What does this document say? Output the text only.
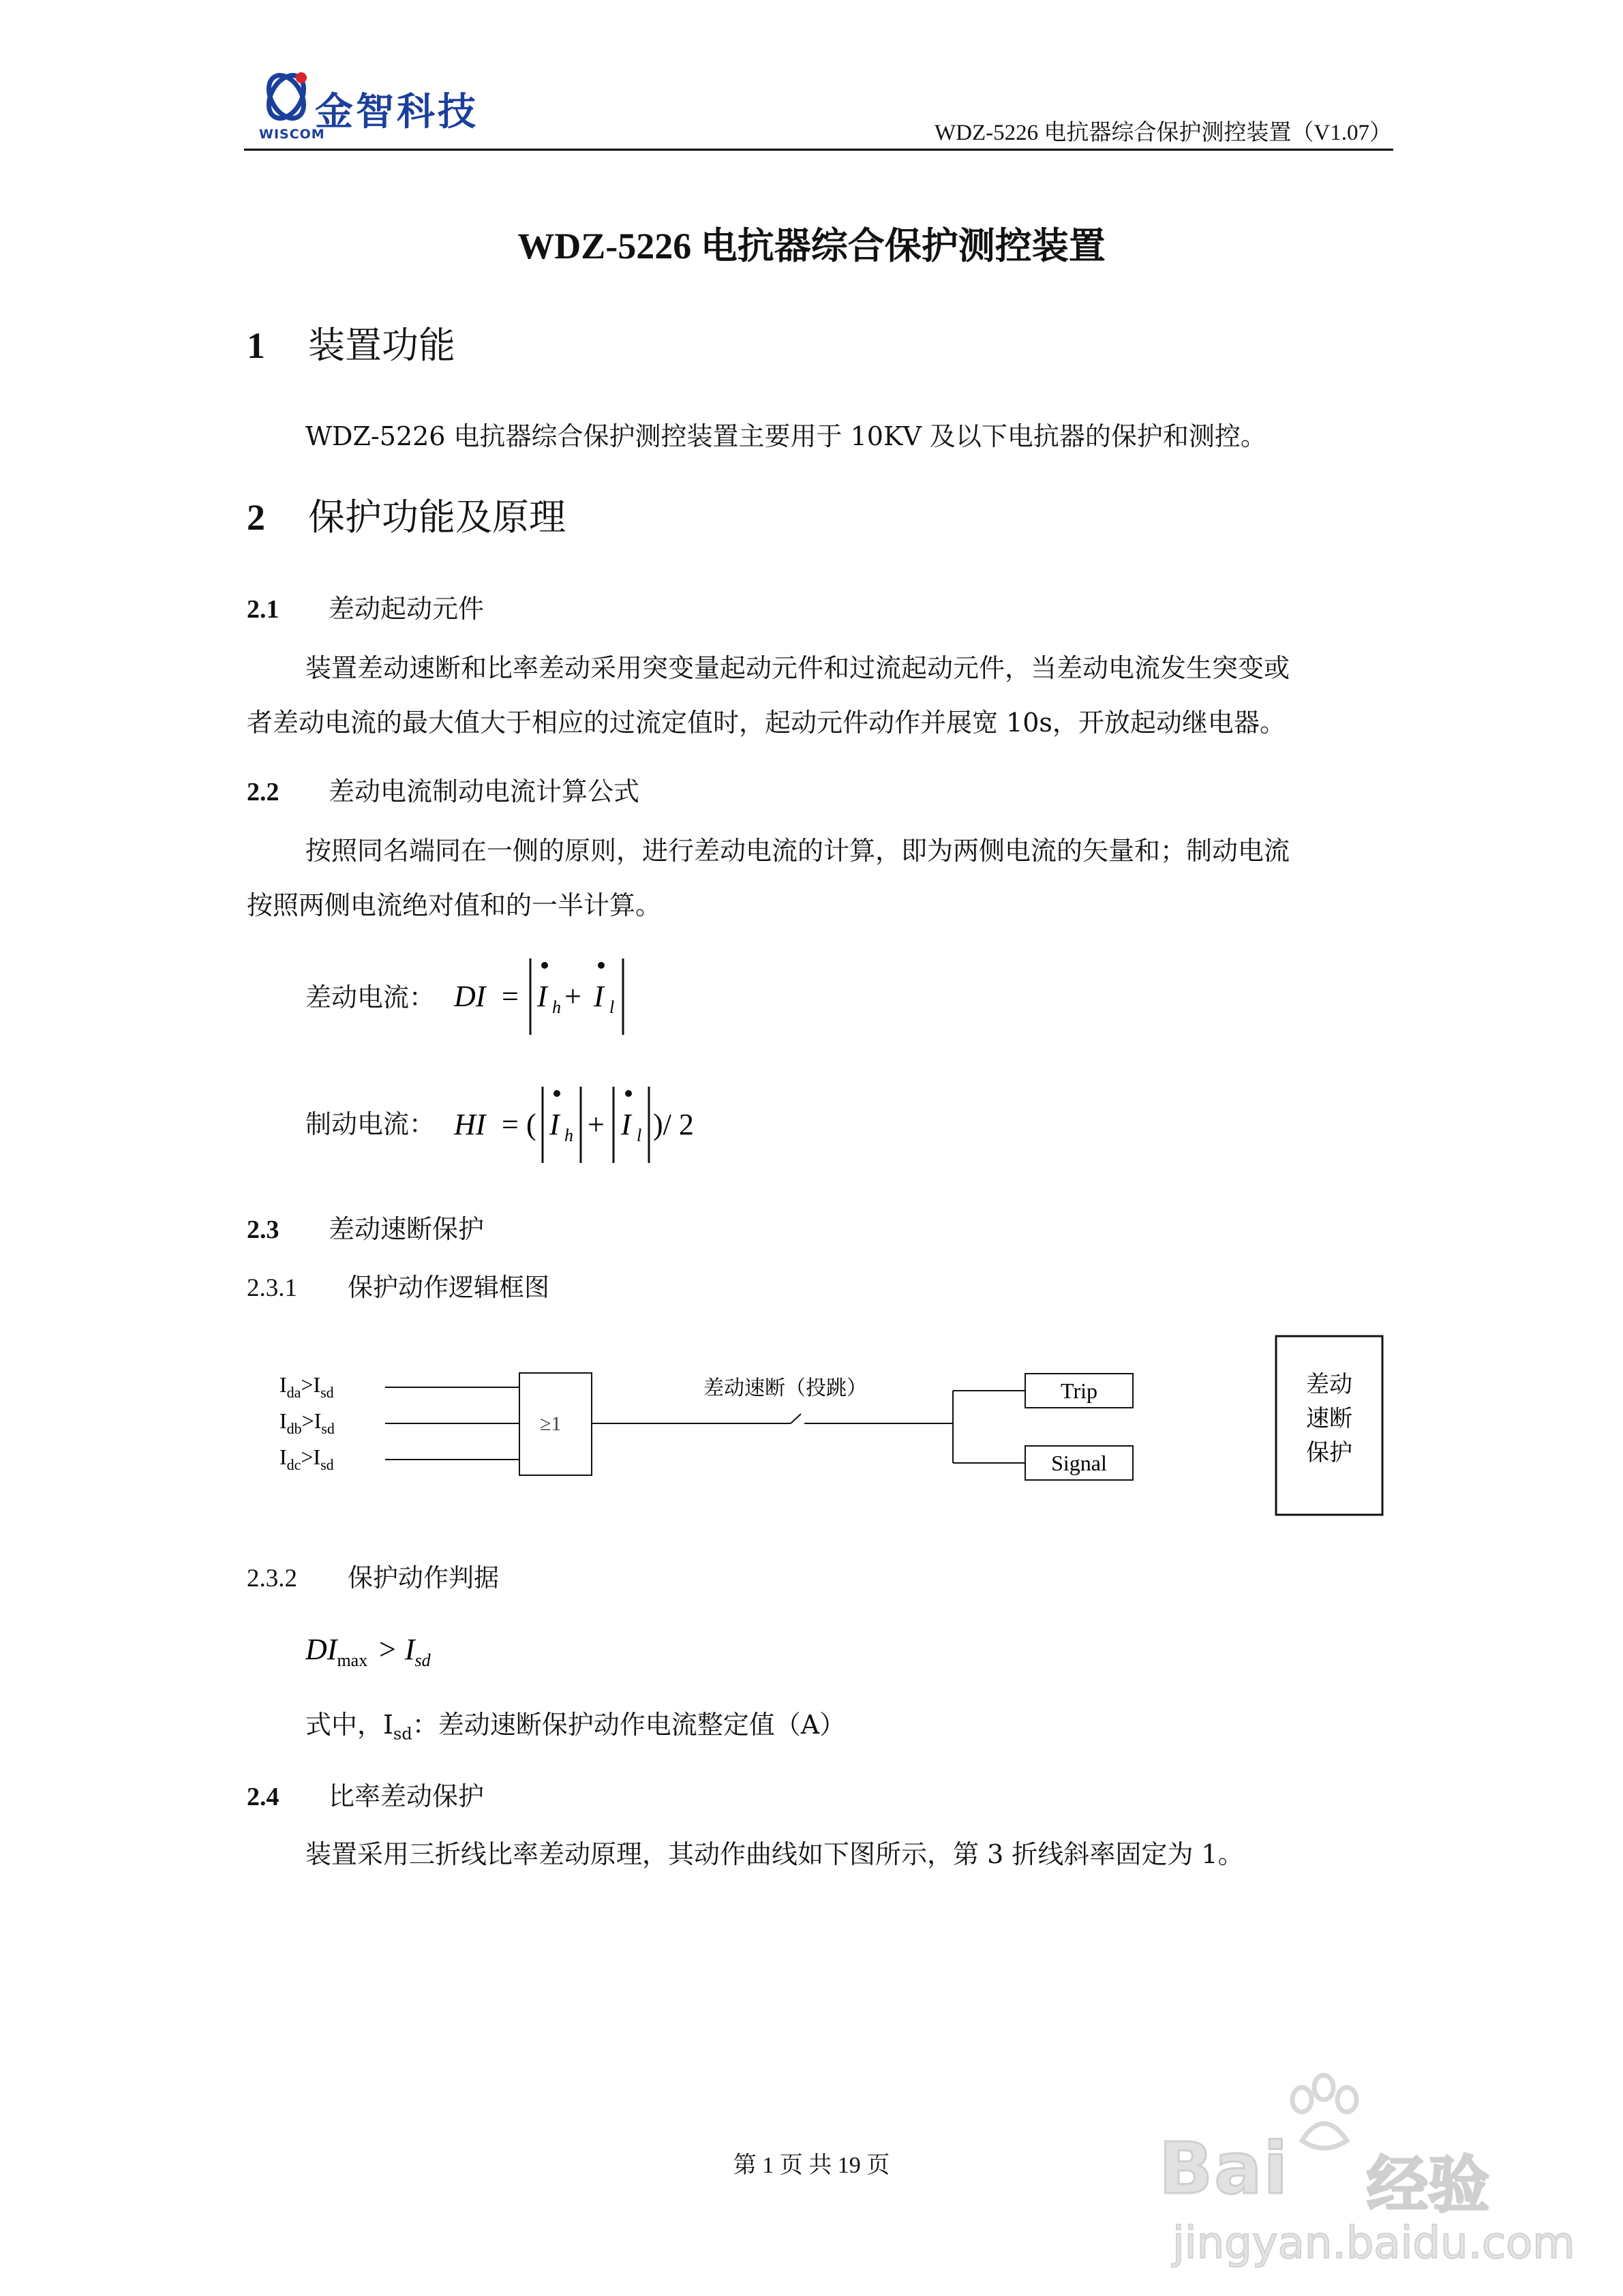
金智科技
WISCOM	WDZ-5226 电抗器综合保护测控装置（V1.07）
WDZ-5226 电抗器综合保护测控装置
1 装置功能
WDZ-5226 电抗器综合保护测控装置主要用于 10KV 及以下电抗器的保护和测控。
2 保护功能及原理
2.1 差动起动元件
装置差动速断和比率差动采用突变量起动元件和过流起动元件，当差动电流发生突变或
者差动电流的最大值大于相应的过流定值时，起动元件动作并展宽 10s，开放起动继电器。
2.2 差动电流制动电流计算公式
按照同名端同在一侧的原则，进行差动电流的计算，即为两侧电流的矢量和；制动电流
按照两侧电流绝对值和的一半计算。
差动电流： DI = I h + I l
制动电流： HI = ( I h + I l )/ 2
2.3 差动速断保护
2.3.1 保护动作逻辑框图
$I_{da}>I_{sd}$
$I_{db}>I_{sd}$
$I_{dc}>I_{sd}$
≥1
差动速断（投跳）	Trip
Signal
差动
速断
保护
2.3.2 保护动作判据
$DI_{max} > I_{sd}$
式中，$I_{sd}$：差动速断保护动作电流整定值（A）
2.4 比率差动保护
装置采用三折线比率差动原理，其动作曲线如下图所示，第 3 折线斜率固定为 1。
第 1 页 共 19 页	Bai 经验
jingyan.baidu.com
